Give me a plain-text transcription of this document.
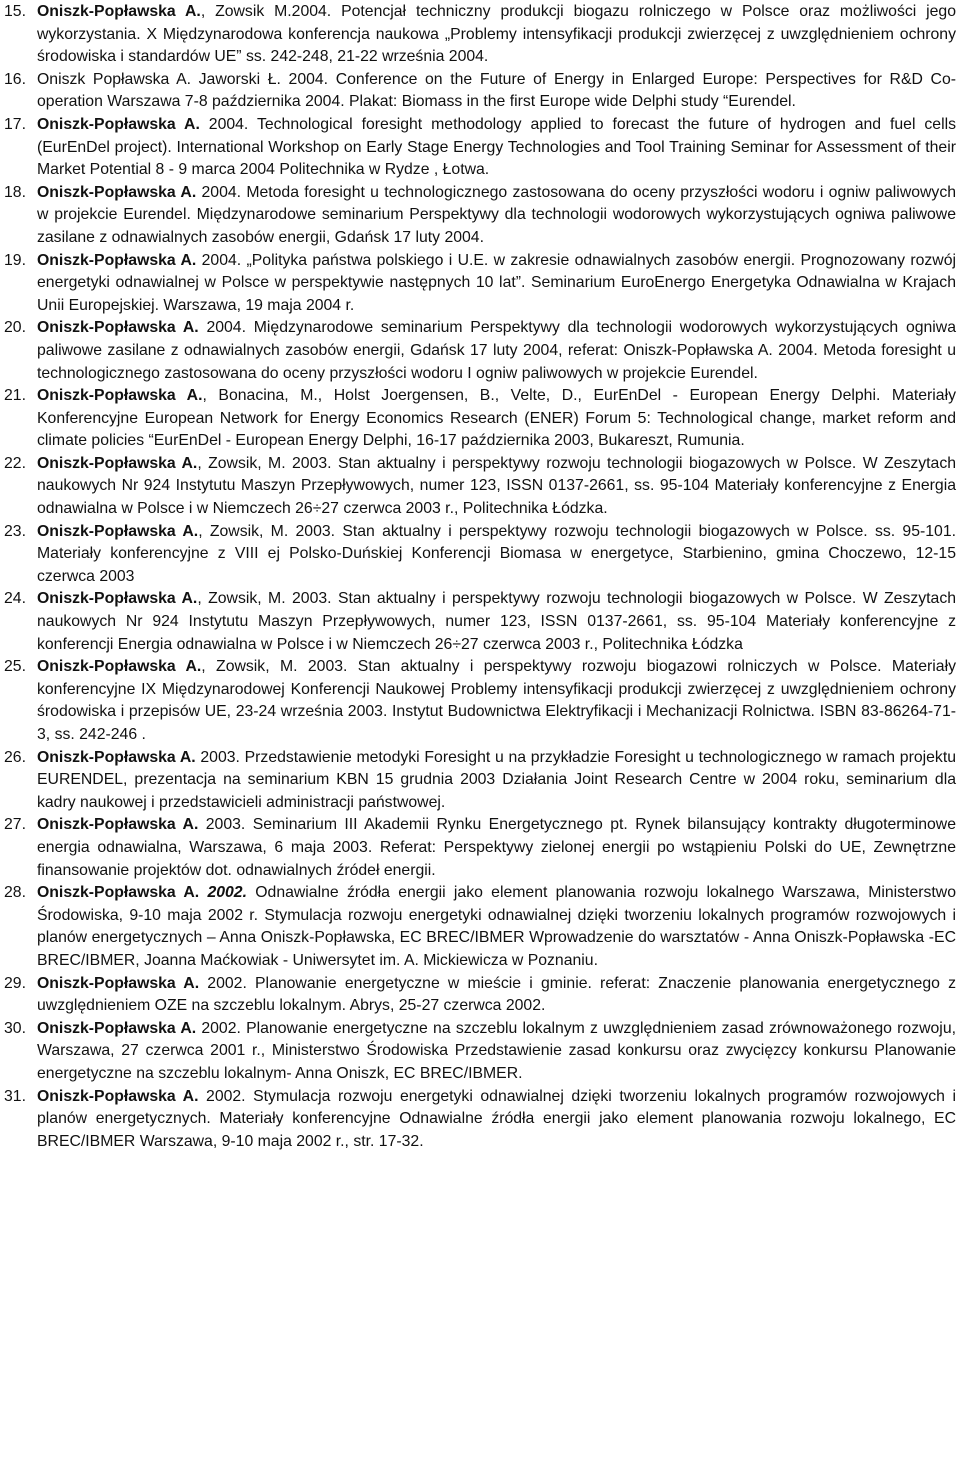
15. Oniszk-Popławska A., Zowsik M.2004. Potencjał techniczny produkcji biogazu rolniczego w Polsce oraz możliwości jego wykorzystania. X Międzynarodowa konferencja naukowa „Problemy intensyfikacji produkcji zwierzęcej z uwzględnieniem ochrony środowiska i standardów UE” ss. 242-248, 21-22 września 2004.
16. Oniszk Popławska A. Jaworski Ł. 2004. Conference on the Future of Energy in Enlarged Europe: Perspectives for R&D Co-operation Warszawa 7-8 października 2004. Plakat: Biomass in the first Europe wide Delphi study “Eurendel.
17. Oniszk-Popławska A. 2004. Technological foresight methodology applied to forecast the future of hydrogen and fuel cells (EurEnDel project). International Workshop on Early Stage Energy Technologies and Tool Training Seminar for Assessment of their Market Potential 8 - 9 marca 2004 Politechnika w Rydze , Łotwa.
18. Oniszk-Popławska A. 2004. Metoda foresight u technologicznego zastosowana do oceny przyszłości wodoru i ogniw paliwowych w projekcie Eurendel. Międzynarodowe seminarium Perspektywy dla technologii wodorowych wykorzystujących ogniwa paliwowe zasilane z odnawialnych zasobów energii, Gdańsk 17 luty 2004.
19. Oniszk-Popławska A. 2004. „Polityka państwa polskiego i U.E. w zakresie odnawialnych zasobów energii. Prognozowany rozwój energetyki odnawialnej w Polsce w perspektywie następnych 10 lat”. Seminarium EuroEnergo Energetyka Odnawialna w Krajach Unii Europejskiej. Warszawa, 19 maja 2004 r.
20. Oniszk-Popławska A. 2004. Międzynarodowe seminarium Perspektywy dla technologii wodorowych wykorzystujących ogniwa paliwowe zasilane z odnawialnych zasobów energii, Gdańsk 17 luty 2004, referat: Oniszk-Popławska A. 2004. Metoda foresight u technologicznego zastosowana do oceny przyszłości wodoru I ogniw paliwowych w projekcie Eurendel.
21. Oniszk-Popławska A., Bonacina, M., Holst Joergensen, B., Velte, D., EurEnDel - European Energy Delphi. Materiały Konferencyjne European Network for Energy Economics Research (ENER) Forum 5: Technological change, market reform and climate policies “EurEnDel - European Energy Delphi, 16-17 października 2003, Bukareszt, Rumunia.
22. Oniszk-Popławska A., Zowsik, M. 2003. Stan aktualny i perspektywy rozwoju technologii biogazowych w Polsce. W Zeszytach naukowych Nr 924 Instytutu Maszyn Przepływowych, numer 123, ISSN 0137-2661, ss. 95-104 Materiały konferencyjne z Energia odnawialna w Polsce i w Niemczech 26÷27 czerwca 2003 r., Politechnika Łódzka.
23. Oniszk-Popławska A., Zowsik, M. 2003. Stan aktualny i perspektywy rozwoju technologii biogazowych w Polsce. ss. 95-101. Materiały konferencyjne z VIII ej Polsko-Duńskiej Konferencji Biomasa w energetyce, Starbienino, gmina Choczewo, 12-15 czerwca 2003
24. Oniszk-Popławska A., Zowsik, M. 2003. Stan aktualny i perspektywy rozwoju technologii biogazowych w Polsce. W Zeszytach naukowych Nr 924 Instytutu Maszyn Przepływowych, numer 123, ISSN 0137-2661, ss. 95-104 Materiały konferencyjne z konferencji Energia odnawialna w Polsce i w Niemczech 26÷27 czerwca 2003 r., Politechnika Łódzka
25. Oniszk-Popławska A., Zowsik, M. 2003. Stan aktualny i perspektywy rozwoju biogazowi rolniczych w Polsce. Materiały konferencyjne IX Międzynarodowej Konferencji Naukowej Problemy intensyfikacji produkcji zwierzęcej z uwzględnieniem ochrony środowiska i przepisów UE, 23-24 września 2003. Instytut Budownictwa Elektryfikacji i Mechanizacji Rolnictwa. ISBN 83-86264-71-3, ss. 242-246 .
26. Oniszk-Popławska A. 2003. Przedstawienie metodyki Foresight u na przykładzie Foresight u technologicznego w ramach projektu EURENDEL, prezentacja na seminarium KBN 15 grudnia 2003 Działania Joint Research Centre w 2004 roku, seminarium dla kadry naukowej i przedstawicieli administracji państwowej.
27. Oniszk-Popławska A. 2003. Seminarium III Akademii Rynku Energetycznego pt. Rynek bilansujący kontrakty długoterminowe energia odnawialna, Warszawa, 6 maja 2003. Referat: Perspektywy zielonej energii po wstąpieniu Polski do UE, Zewnętrzne finansowanie projektów dot. odnawialnych źródeł energii.
28. Oniszk-Popławska A. 2002. Odnawialne źródła energii jako element planowania rozwoju lokalnego Warszawa, Ministerstwo Środowiska, 9-10 maja 2002 r. Stymulacja rozwoju energetyki odnawialnej dzięki tworzeniu lokalnych programów rozwojowych i planów energetycznych – Anna Oniszk-Popławska, EC BREC/IBMER Wprowadzenie do warsztatów - Anna Oniszk-Popławska -EC BREC/IBMER, Joanna Maćkowiak - Uniwersytet im. A. Mickiewicza w Poznaniu.
29. Oniszk-Popławska A. 2002. Planowanie energetyczne w mieście i gminie. referat: Znaczenie planowania energetycznego z uwzględnieniem OZE na szczeblu lokalnym. Abrys, 25-27 czerwca 2002.
30. Oniszk-Popławska A. 2002. Planowanie energetyczne na szczeblu lokalnym z uwzględnieniem zasad zrównoważonego rozwoju, Warszawa, 27 czerwca 2001 r., Ministerstwo Środowiska Przedstawienie zasad konkursu oraz zwycięzcy konkursu Planowanie energetyczne na szczeblu lokalnym- Anna Oniszk, EC BREC/IBMER.
31. Oniszk-Popławska A. 2002. Stymulacja rozwoju energetyki odnawialnej dzięki tworzeniu lokalnych programów rozwojowych i planów energetycznych. Materiały konferencyjne Odnawialne źródła energii jako element planowania rozwoju lokalnego, EC BREC/IBMER Warszawa, 9-10 maja 2002 r., str. 17-32.
